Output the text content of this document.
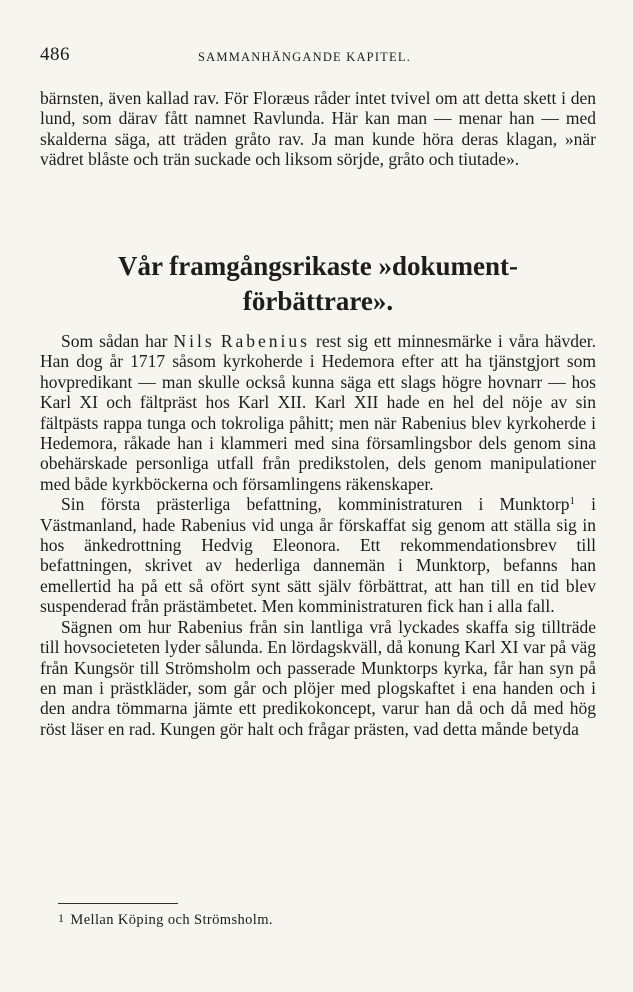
486	SAMMANHÄNGANDE KAPITEL.

bärnsten, även kallad rav. För Floræus råder intet tvivel om att detta skett i den lund, som därav fått namnet Ravlunda. Här kan man — menar han — med skalderna säga, att träden gråto rav. Ja man kunde höra deras klagan, »när vädret blåste och trän suckade och liksom sörjde, gråto och tiutade».

Vår framgångsrikaste »dokument-
förbättrare».

Som sådan har Nils Rabenius rest sig ett minnesmärke i våra hävder. Han dog år 1717 såsom kyrkoherde i Hedemora efter att ha tjänstgjort som hovpredikant — man skulle också kunna säga ett slags högre hovnarr — hos Karl XI och fältpräst hos Karl XII. Karl XII hade en hel del nöje av sin fältpästs rappa tunga och tokroliga påhitt; men när Rabenius blev kyrkoherde i Hedemora, råkade han i klammeri med sina församlingsbor dels genom sina obehärskade personliga utfall från predikstolen, dels genom manipulationer med både kyrkböckerna och församlingens räkenskaper.

Sin första prästerliga befattning, komministraturen i Munktorp$^1$ i Västmanland, hade Rabenius vid unga år förskaffat sig genom att ställa sig in hos änkedrottning Hedvig Eleonora. Ett rekommendationsbrev till befattningen, skrivet av hederliga dannemän i Munktorp, befanns han emellertid ha på ett så ofört synt sätt själv förbättrat, att han till en tid blev suspenderad från prästämbetet. Men komministraturen fick han i alla fall.

Sägnen om hur Rabenius från sin lantliga vrå lyckades skaffa sig tillträde till hovsocieteten lyder sålunda. En lördagskväll, då konung Karl XI var på väg från Kungsör till Strömsholm och passerade Munktorps kyrka, får han syn på en man i prästkläder, som går och plöjer med plogskaftet i ena handen och i den andra tömmarna jämte ett predikokoncept, varur han då och då med hög röst läser en rad. Kungen gör halt och frågar prästen, vad detta månde betyda

1 Mellan Köping och Strömsholm.
